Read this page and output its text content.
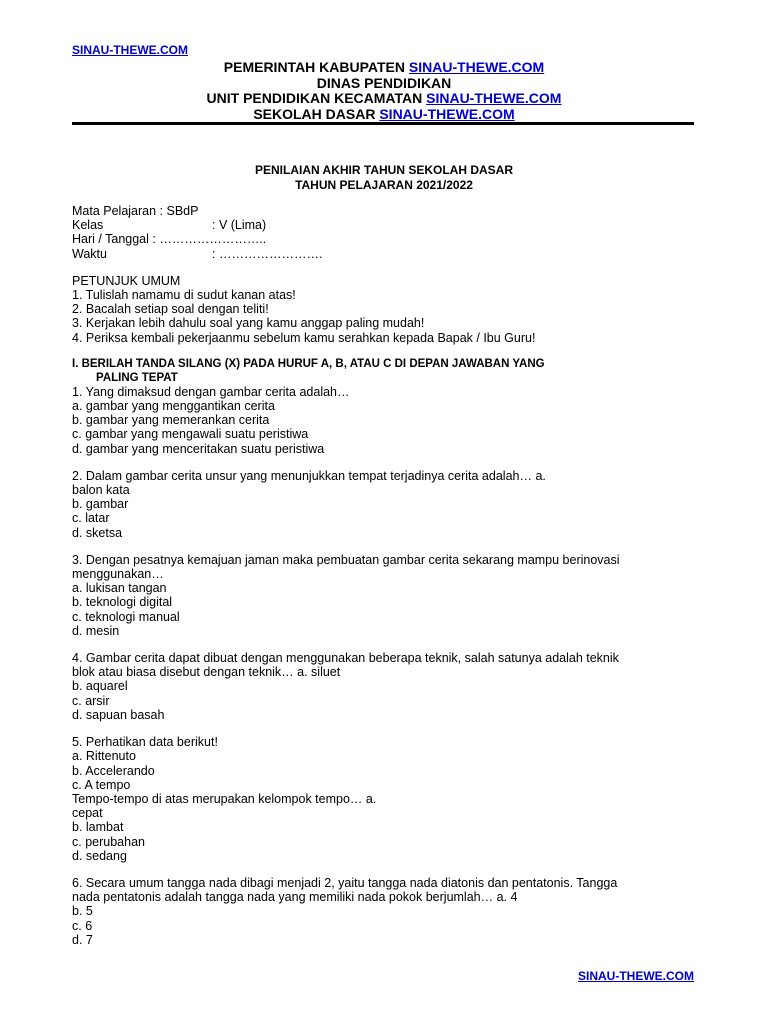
SINAU-THEWE.COM
PEMERINTAH KABUPATEN SINAU-THEWE.COM
DINAS PENDIDIKAN
UNIT PENDIDIKAN KECAMATAN SINAU-THEWE.COM
SEKOLAH DASAR SINAU-THEWE.COM
PENILAIAN AKHIR TAHUN SEKOLAH DASAR
TAHUN PELAJARAN 2021/2022
Mata Pelajaran : SBdP
Kelas	: V (Lima)
Hari / Tanggal : ……………………..
Waktu	: …………………….
PETUNJUK UMUM
1. Tulislah namamu di sudut kanan atas!
2. Bacalah setiap soal dengan teliti!
3. Kerjakan lebih dahulu soal yang kamu anggap paling mudah!
4. Periksa kembali pekerjaanmu sebelum kamu serahkan kepada Bapak / Ibu Guru!
I. BERILAH TANDA SILANG (X) PADA HURUF A, B, ATAU C DI DEPAN JAWABAN YANG
PALING TEPAT
1. Yang dimaksud dengan gambar cerita adalah…
a. gambar yang menggantikan cerita
b. gambar yang memerankan cerita
c. gambar yang mengawali suatu peristiwa
d. gambar yang menceritakan suatu peristiwa
2. Dalam gambar cerita unsur yang menunjukkan tempat terjadinya cerita adalah… a.
balon kata
b. gambar
c. latar
d. sketsa
3. Dengan pesatnya kemajuan jaman maka pembuatan gambar cerita sekarang mampu berinovasi
menggunakan…
a. lukisan tangan
b. teknologi digital
c. teknologi manual
d. mesin
4. Gambar cerita dapat dibuat dengan menggunakan beberapa teknik, salah satunya adalah teknik
blok atau biasa disebut dengan teknik… a. siluet
b. aquarel
c. arsir
d. sapuan basah
5. Perhatikan data berikut!
a. Rittenuto
b. Accelerando
c. A tempo
Tempo-tempo di atas merupakan kelompok tempo… a.
cepat
b. lambat
c. perubahan
d. sedang
6. Secara umum tangga nada dibagi menjadi 2, yaitu tangga nada diatonis dan pentatonis. Tangga
nada pentatonis adalah tangga nada yang memiliki nada pokok berjumlah… a. 4
b. 5
c. 6
d. 7
SINAU-THEWE.COM
